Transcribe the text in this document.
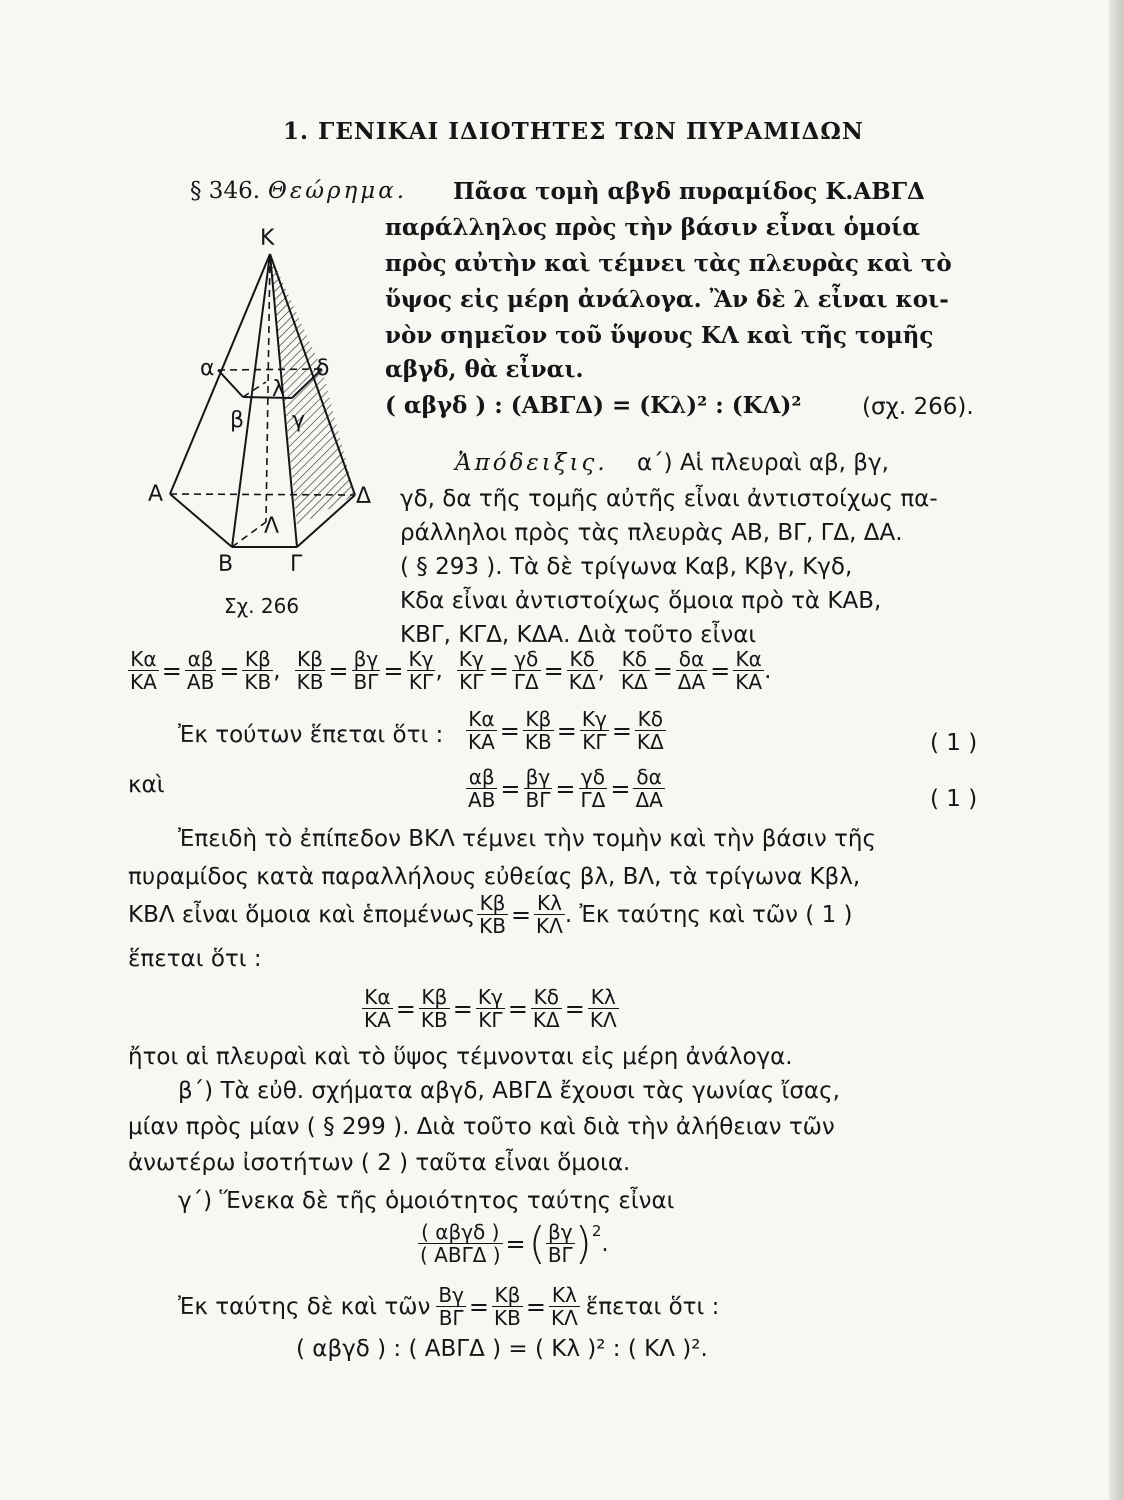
1. ΓΕΝΙΚΑΙ ΙΔΙΟΤΗΤΕΣ ΤΩΝ ΠΥΡΑΜΙΔΩΝ
§ 346. Θεώρημα. Πᾶσα τομὴ αβγδ πυραμίδος Κ.ΑΒΓΔ
παράλληλος πρὸς τὴν βάσιν εἶναι ὁμοία
πρὸς αὐτὴν καὶ τέμνει τὰς πλευρὰς καὶ τὸ
ὕψος εἰς μέρη ἀνάλογα. Ἂν δὲ λ εἶναι κοι-
νὸν σημεῖον τοῦ ὕψους ΚΛ καὶ τῆς τομῆς
αβγδ, θὰ εἶναι.
( αβγδ ) : (ΑΒΓΔ) = (Κλ)² : (ΚΛ)²	(σχ. 266).
Κ
α	δ
λ
β γ
Α	Δ
Λ
Β	Γ
Σχ. 266
Ἀπόδειξις. α΄) Αἱ πλευραὶ αβ, βγ,
γδ, δα τῆς τομῆς αὐτῆς εἶναι ἀντιστοίχως πα-
ράλληλοι πρὸς τὰς πλευρὰς ΑΒ, ΒΓ, ΓΔ, ΔΑ.
( § 293 ). Τὰ δὲ τρίγωνα Καβ, Κβγ, Κγδ,
Κδα εἶναι ἀντιστοίχως ὅμοια πρὸ τὰ ΚΑΒ,
ΚΒΓ, ΚΓΔ, ΚΔΑ. Διὰ τοῦτο εἶναι
$\frac{K\alpha}{KA} = \frac{\alpha\beta}{AB} = \frac{K\beta}{KB}$ , $\frac{K\beta}{KB} = \frac{\beta\gamma}{B\Gamma} = \frac{K\gamma}{K\Gamma}$ , $\frac{K\gamma}{K\Gamma} = \frac{\gamma\delta}{\Gamma\Delta} = \frac{K\delta}{K\Delta}$ , $\frac{K\delta}{K\Delta} = \frac{\delta\alpha}{\Delta A} = \frac{K\alpha}{KA}$ .
Ἐκ τούτων ἕπεται ὅτι : $\frac{K\alpha}{KA} = \frac{K\beta}{KB} = \frac{K\gamma}{K\Gamma} = \frac{K\delta}{K\Delta}$	( 1 )
καὶ	$\frac{\alpha\beta}{AB} = \frac{\beta\gamma}{B\Gamma} = \frac{\gamma\delta}{\Gamma\Delta} = \frac{\delta\alpha}{\Delta A}$	( 1 )
Ἐπειδὴ τὸ ἐπίπεδον ΒΚΛ τέμνει τὴν τομὴν καὶ τὴν βάσιν τῆς
πυραμίδος κατὰ παραλλήλους εὐθείας βλ, ΒΛ, τὰ τρίγωνα Κβλ,
ΚΒΛ εἶναι ὅμοια καὶ ἑπομένως $\frac{K\beta}{KB} = \frac{K\lambda}{K\Lambda}$ . Ἐκ ταύτης καὶ τῶν ( 1 )
ἕπεται ὅτι :
$\frac{K\alpha}{KA} = \frac{K\beta}{KB} = \frac{K\gamma}{K\Gamma} = \frac{K\delta}{K\Delta} = \frac{K\lambda}{K\Lambda}$
ἤτοι αἱ πλευραὶ καὶ τὸ ὕψος τέμνονται εἰς μέρη ἀνάλογα.
β΄) Τὰ εὐθ. σχήματα αβγδ, ΑΒΓΔ ἔχουσι τὰς γωνίας ἴσας,
μίαν πρὸς μίαν ( § 299 ). Διὰ τοῦτο καὶ διὰ τὴν ἀλήθειαν τῶν
ἀνωτέρω ἰσοτήτων ( 2 ) ταῦτα εἶναι ὅμοια.
γ΄) Ἕνεκα δὲ τῆς ὁμοιότητος ταύτης εἶναι
$\frac{\text{( αβγδ )}}{\text{( ΑΒΓΔ )}}$ = ( $\frac{\beta\gamma}{B\Gamma}$ ) 2 .
Ἐκ ταύτης δὲ καὶ τῶν $\frac{B\gamma}{B\Gamma} = \frac{K\beta}{KB} = \frac{K\lambda}{K\Lambda}$ ἕπεται ὅτι :
( αβγδ ) : ( ΑΒΓΔ ) = ( Κλ )² : ( ΚΛ )².
